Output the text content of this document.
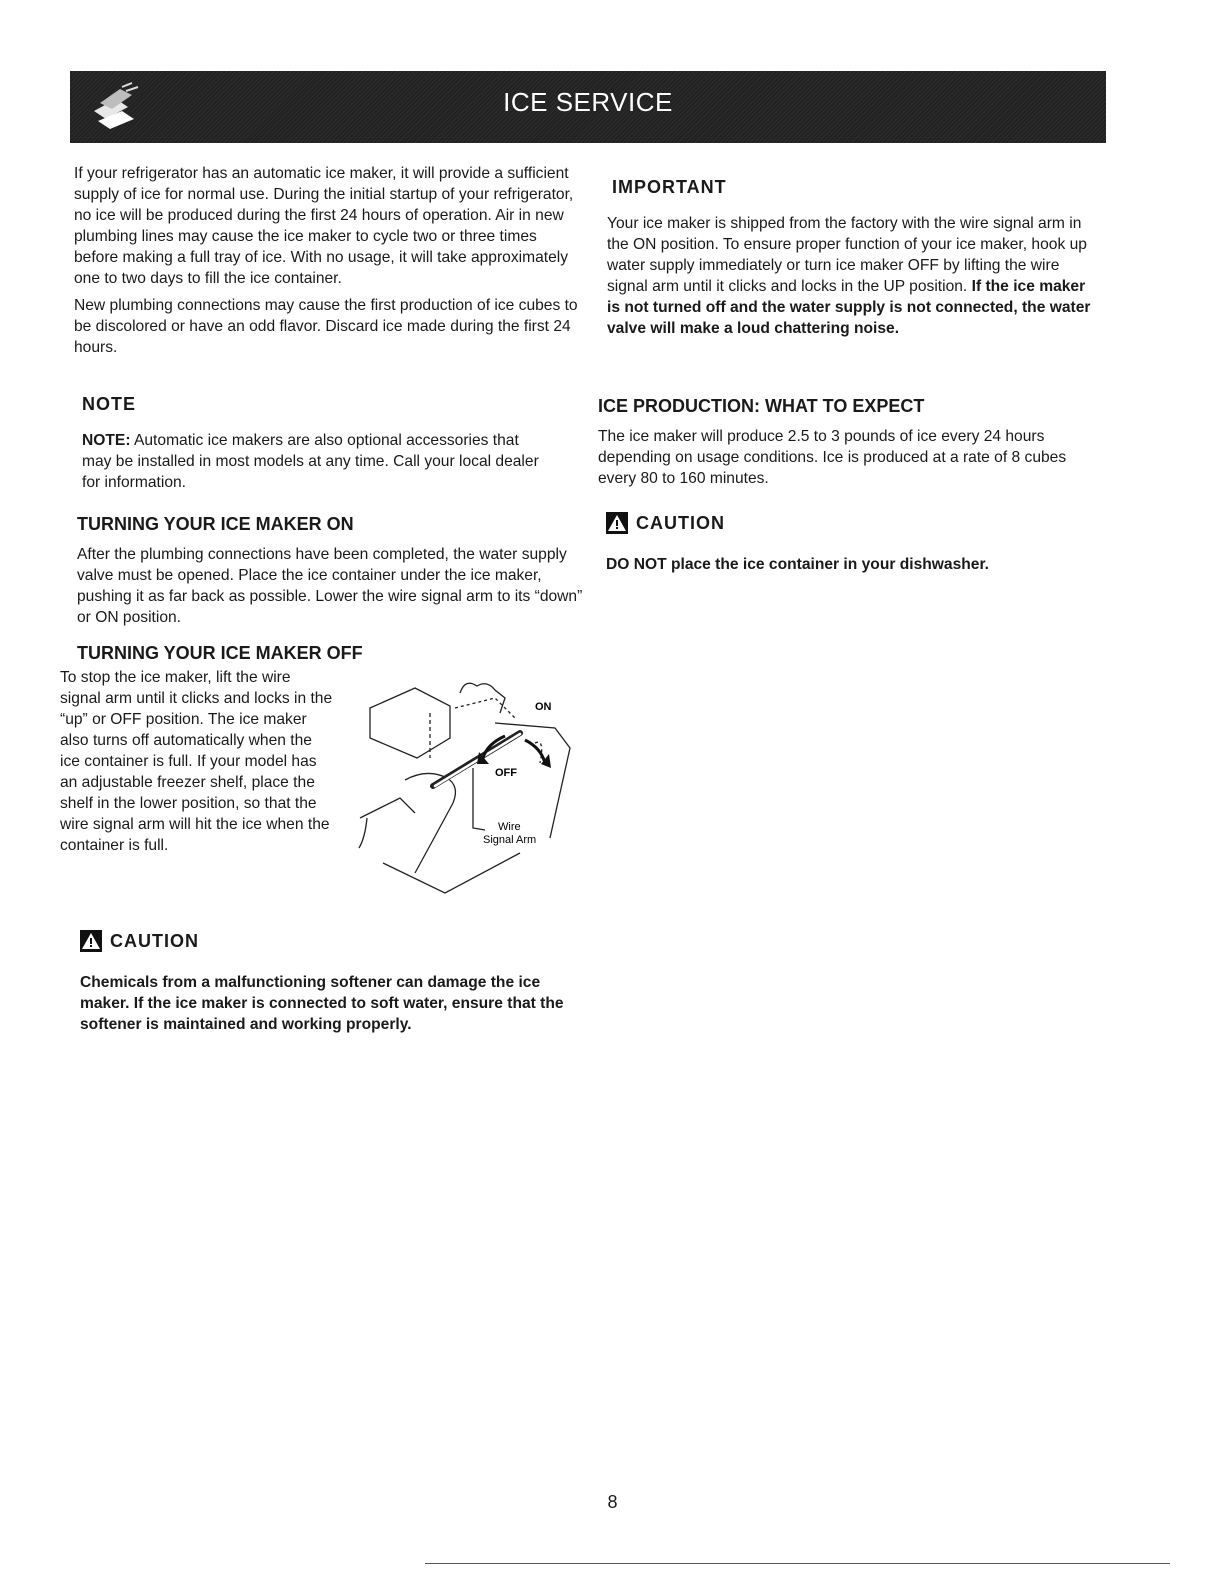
ICE SERVICE

If your refrigerator has an automatic ice maker, it will provide a sufficient supply of ice for normal use. During the initial startup of your refrigerator, no ice will be produced during the first 24 hours of operation. Air in new plumbing lines may cause the ice maker to cycle two or three times before making a full tray of ice. With no usage, it will take approximately one to two days to fill the ice container.

New plumbing connections may cause the first production of ice cubes to be discolored or have an odd flavor. Discard ice made during the first 24 hours.

NOTE

NOTE: Automatic ice makers are also optional accessories that may be installed in most models at any time. Call your local dealer for information.

TURNING YOUR ICE MAKER ON

After the plumbing connections have been completed, the water supply valve must be opened. Place the ice container under the ice maker, pushing it as far back as possible. Lower the wire signal arm to its “down” or ON position.

TURNING YOUR ICE MAKER OFF

To stop the ice maker, lift the wire signal arm until it clicks and locks in the “up” or OFF position. The ice maker also turns off automatically when the ice container is full. If your model has an adjustable freezer shelf, place the shelf in the lower position, so that the wire signal arm will hit the ice when the container is full.

ON
OFF
Wire
Signal Arm
CAUTION

Chemicals from a malfunctioning softener can damage the ice maker. If the ice maker is connected to soft water, ensure that the softener is maintained and working properly.

IMPORTANT

Your ice maker is shipped from the factory with the wire signal arm in the ON position. To ensure proper function of your ice maker, hook up water supply immediately or turn ice maker OFF by lifting the wire signal arm until it clicks and locks in the UP position. If the ice maker is not turned off and the water supply is not connected, the water valve will make a loud chattering noise.

ICE PRODUCTION: WHAT TO EXPECT

The ice maker will produce 2.5 to 3 pounds of ice every 24 hours depending on usage conditions. Ice is produced at a rate of 8 cubes every 80 to 160 minutes.

CAUTION

DO NOT place the ice container in your dishwasher.

8
